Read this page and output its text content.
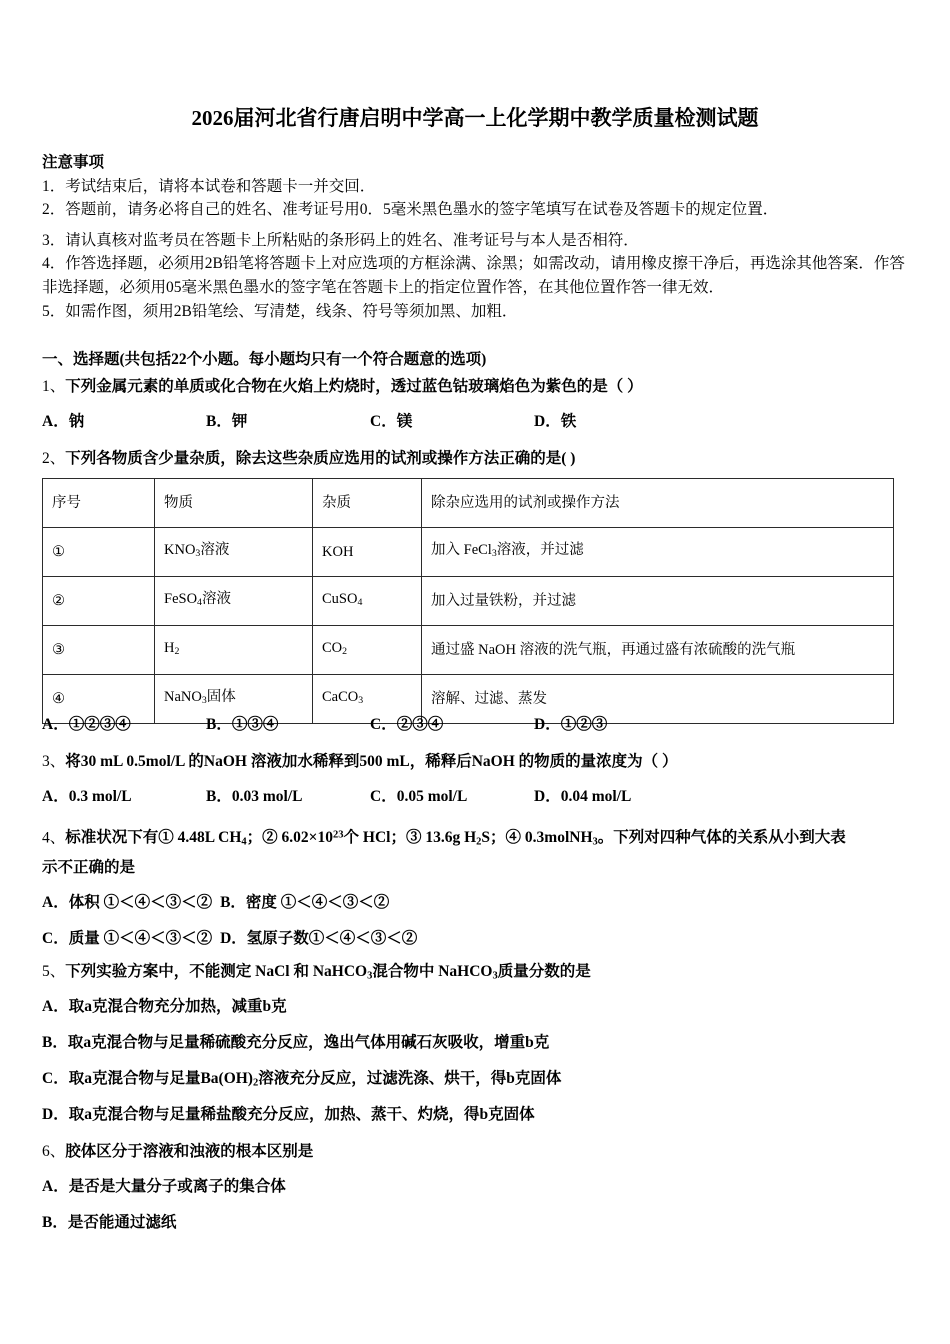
2026届河北省行唐启明中学高一上化学期中教学质量检测试题
注意事项
1．考试结束后，请将本试卷和答题卡一并交回．
2．答题前，请务必将自己的姓名、准考证号用0．5毫米黑色墨水的签字笔填写在试卷及答题卡的规定位置．
3．请认真核对监考员在答题卡上所粘贴的条形码上的姓名、准考证号与本人是否相符．
4．作答选择题，必须用2B铅笔将答题卡上对应选项的方框涂满、涂黑；如需改动，请用橡皮擦干净后，再选涂其他答案．作答非选择题，必须用05毫米黑色墨水的签字笔在答题卡上的指定位置作答，在其他位置作答一律无效．
5．如需作图，须用2B铅笔绘、写清楚，线条、符号等须加黑、加粗．
一、选择题(共包括22个小题。每小题均只有一个符合题意的选项)
1、下列金属元素的单质或化合物在火焰上灼烧时，透过蓝色钴玻璃焰色为紫色的是（ ）
A．钠	B．钾	C．镁	D．铁
2、下列各物质含少量杂质，除去这些杂质应选用的试剂或操作方法正确的是( )
序号	物质	杂质	除杂应选用的试剂或操作方法
①	$KNO_3$溶液	KOH	加入 FeCl$_3$溶液，并过滤
②	FeSO$_4$溶液	CuSO$_4$	加入过量铁粉，并过滤
③	$H_2$	$CO_2$	通过盛 NaOH 溶液的洗气瓶，再通过盛有浓硫酸的洗气瓶
④	NaNO$_3$固体	CaCO$_3$	溶解、过滤、蒸发
A．①②③④	B．①③④	C．②③④	D．①②③
3、将30 mL 0.5mol/L 的NaOH 溶液加水稀释到500 mL，稀释后NaOH 的物质的量浓度为（ ）
A．0.3 mol/L	B．0.03 mol/L	C．0.05 mol/L	D．0.04 mol/L
4、标准状况下有① 4.48L $CH_4$；② $6.02\times 10^{23}$个 HCl；③ 13.6g $H_2S$；④ 0.3molNH$_3$。下列对四种气体的关系从小到大表
示不正确的是
A．体积 ①＜④＜③＜② B．密度 ①＜④＜③＜②
C．质量 ①＜④＜③＜② D．氢原子数①＜④＜③＜②
5、下列实验方案中，不能测定 NaCl 和 NaHCO$_3$混合物中 NaHCO$_3$质量分数的是
A．取a克混合物充分加热，减重b克
B．取a克混合物与足量稀硫酸充分反应，逸出气体用碱石灰吸收，增重b克
C．取a克混合物与足量$Ba(OH)_2$溶液充分反应，过滤洗涤、烘干，得b克固体
D．取a克混合物与足量稀盐酸充分反应，加热、蒸干、灼烧，得b克固体
6、胶体区分于溶液和浊液的根本区别是
A．是否是大量分子或离子的集合体
B．是否能通过滤纸
